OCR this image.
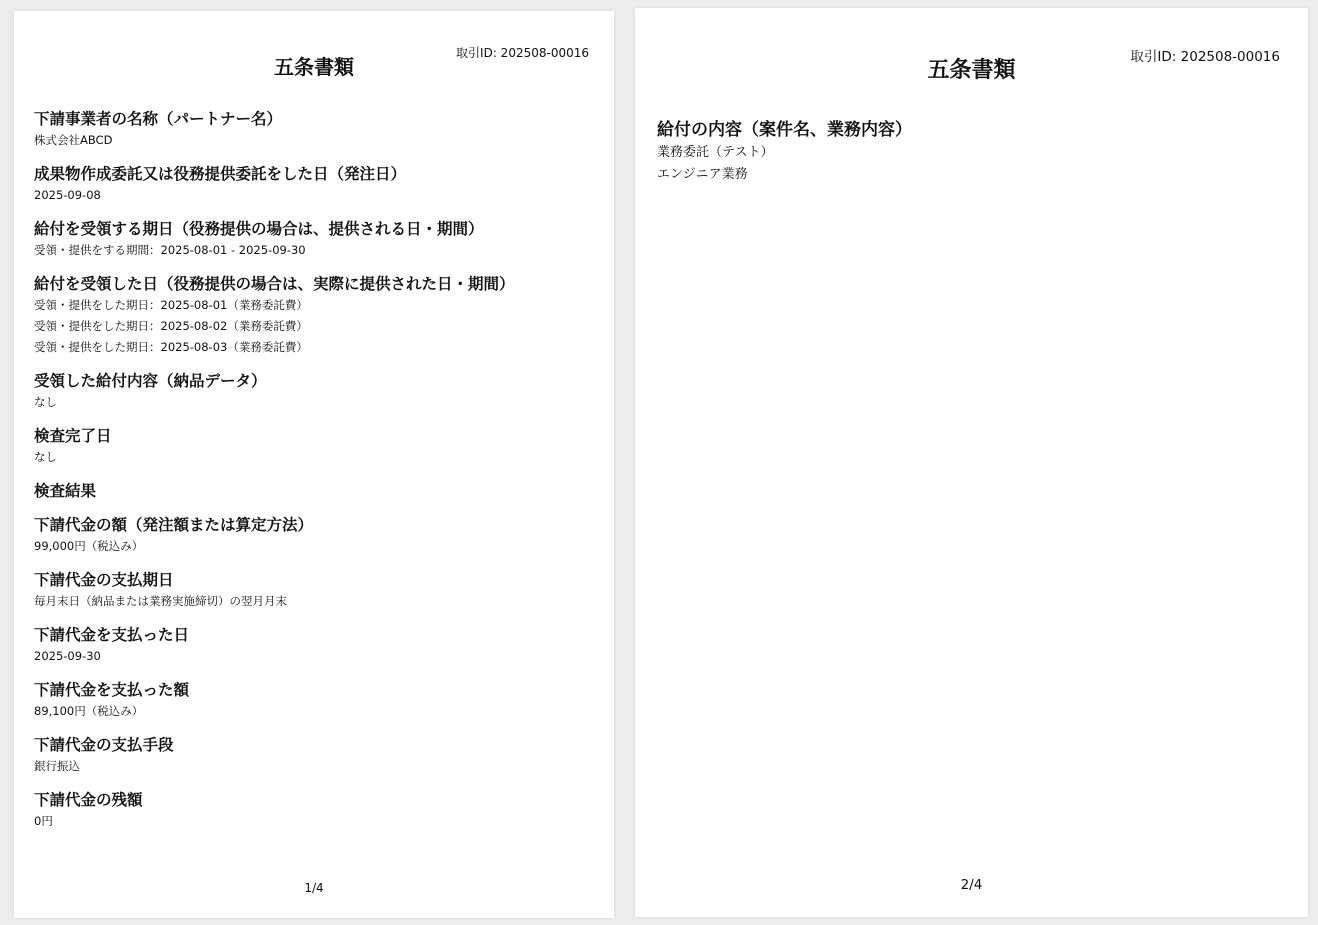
取引ID: 202508-00016
五条書類
下請事業者の名称（パートナー名）
株式会社ABCD
成果物作成委託又は役務提供委託をした日（発注日）
2025-09-08
給付を受領する期日（役務提供の場合は、提供される日・期間）
受領・提供をする期間：2025-08-01 - 2025-09-30
給付を受領した日（役務提供の場合は、実際に提供された日・期間）
受領・提供をした期日：2025-08-01（業務委託費）
受領・提供をした期日：2025-08-02（業務委託費）
受領・提供をした期日：2025-08-03（業務委託費）
受領した給付内容（納品データ）
なし
検査完了日
なし
検査結果
下請代金の額（発注額または算定方法）
99,000円（税込み）
下請代金の支払期日
毎月末日（納品または業務実施締切）の翌月月末
下請代金を支払った日
2025-09-30
下請代金を支払った額
89,100円（税込み）
下請代金の支払手段
銀行振込
下請代金の残額
0円
1/4
取引ID: 202508-00016
五条書類
給付の内容（案件名、業務内容）
業務委託（テスト）
エンジニア業務
2/4
